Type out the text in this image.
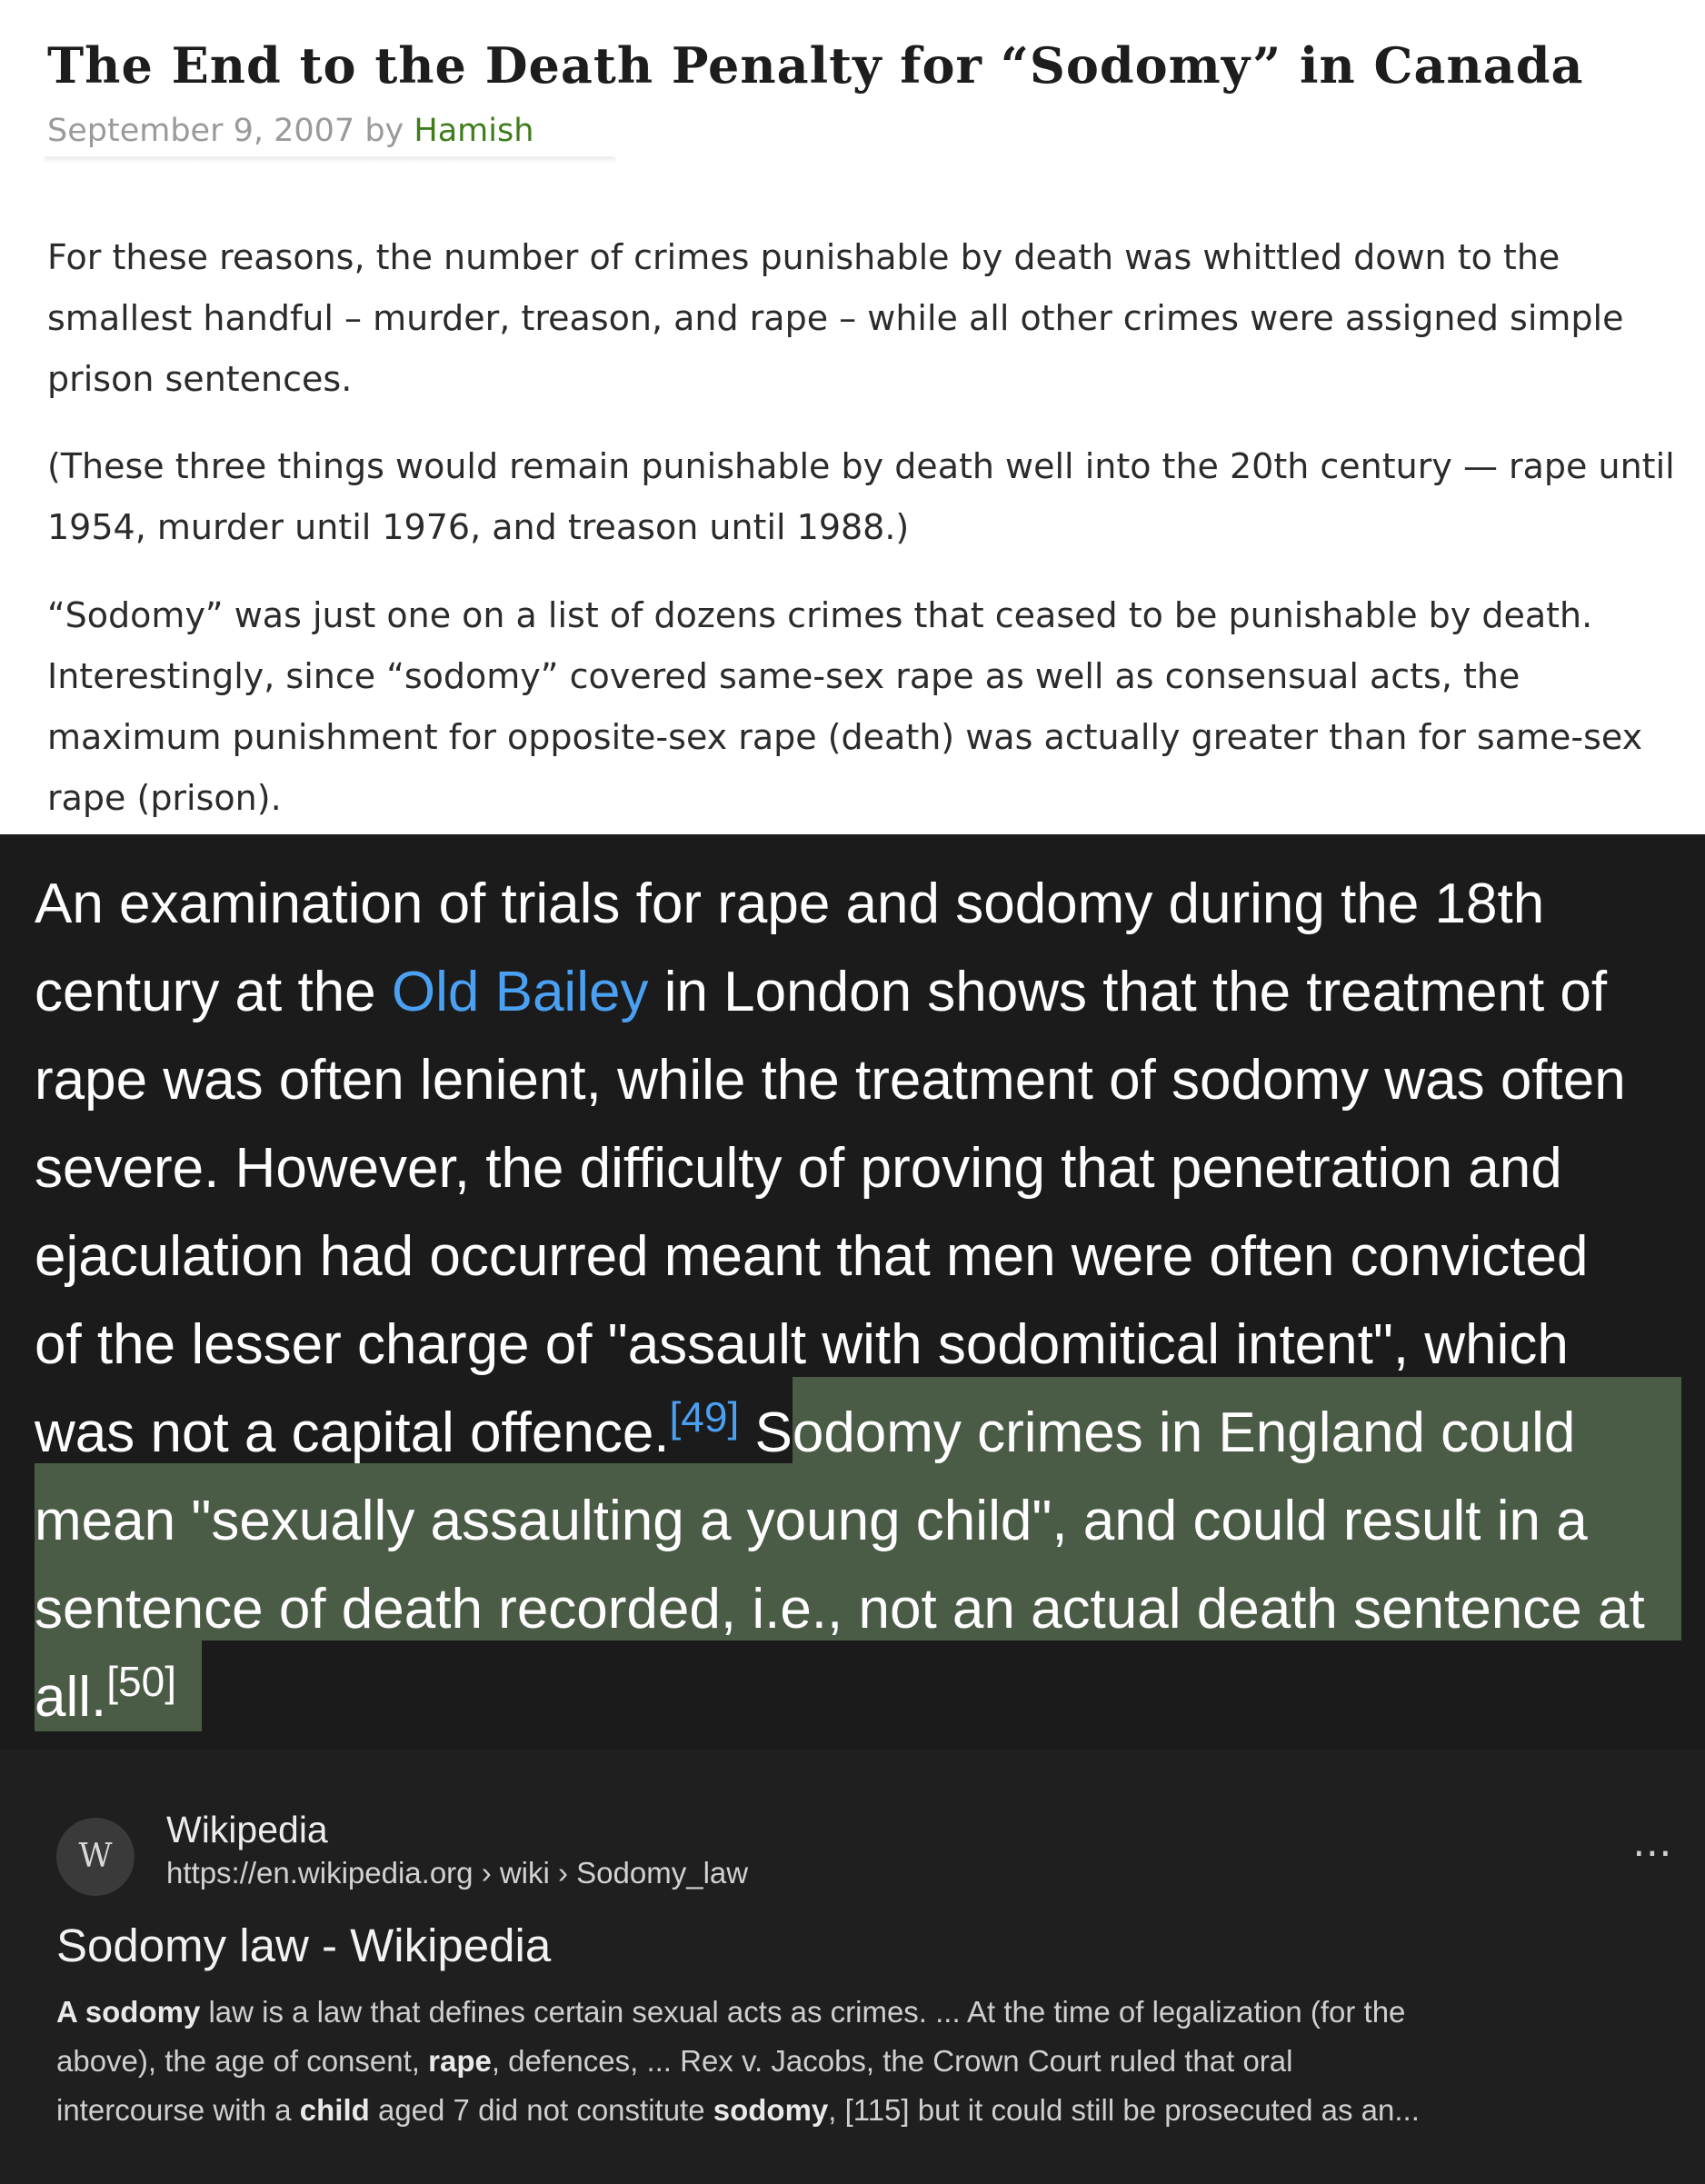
The End to the Death Penalty for “Sodomy” in Canada
September 9, 2007 by Hamish

For these reasons, the number of crimes punishable by death was whittled down to the smallest handful – murder, treason, and rape – while all other crimes were assigned simple prison sentences.

(These three things would remain punishable by death well into the 20th century — rape until 1954, murder until 1976, and treason until 1988.)

“Sodomy” was just one on a list of dozens crimes that ceased to be punishable by death. Interestingly, since “sodomy” covered same-sex rape as well as consensual acts, the maximum punishment for opposite-sex rape (death) was actually greater than for same-sex rape (prison).

An examination of trials for rape and sodomy during the 18th
century at the Old Bailey in London shows that the treatment of
rape was often lenient, while the treatment of sodomy was often
severe. However, the difficulty of proving that penetration and
ejaculation had occurred meant that men were often convicted
of the lesser charge of "assault with sodomitical intent", which
was not a capital offence.[49] Sodomy crimes in England could
mean "sexually assaulting a young child", and could result in a
sentence of death recorded, i.e., not an actual death sentence at
all.[50]
W
Wikipedia
https://en.wikipedia.org › wiki › Sodomy_law	⋯
Sodomy law - Wikipedia
A sodomy law is a law that defines certain sexual acts as crimes. ... At the time of legalization (for the
above), the age of consent, rape, defences, ... Rex v. Jacobs, the Crown Court ruled that oral
intercourse with a child aged 7 did not constitute sodomy, [115] but it could still be prosecuted as an...
